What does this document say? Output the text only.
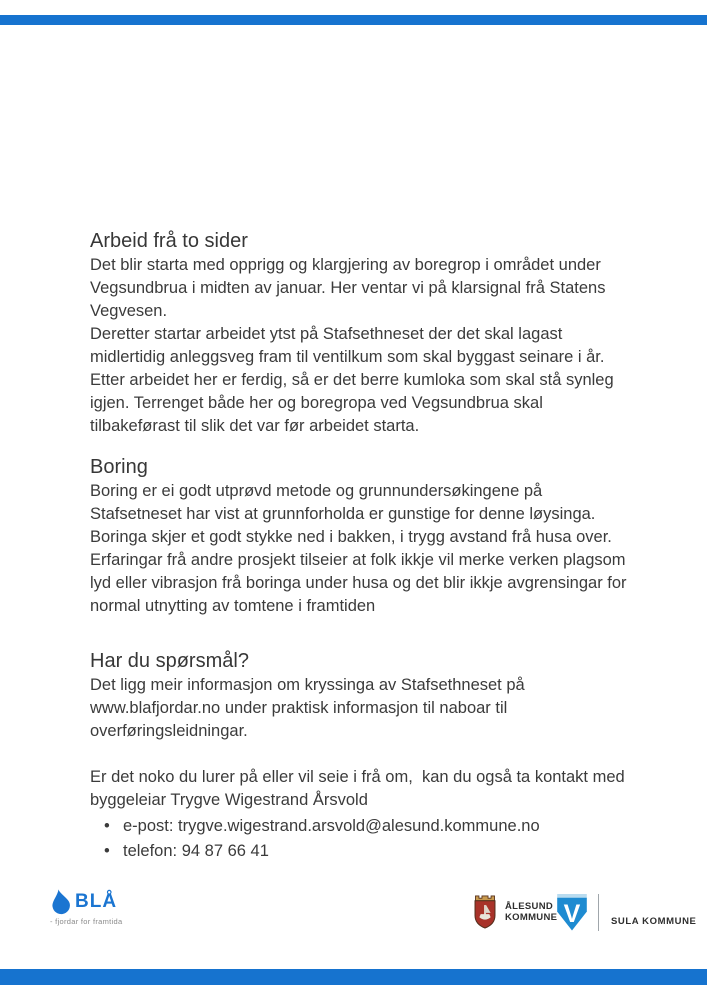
Arbeid frå to sider
Det blir starta med opprigg og klargjering av boregrop i området under
Vegsundbrua i midten av januar. Her ventar vi på klarsignal frå Statens
Vegvesen.
Deretter startar arbeidet ytst på Stafsethneset der det skal lagast
midlertidig anleggsveg fram til ventilkum som skal byggast seinare i år.
Etter arbeidet her er ferdig, så er det berre kumloka som skal stå synleg
igjen. Terrenget både her og boregropa ved Vegsundbrua skal
tilbakeførast til slik det var før arbeidet starta.
Boring
Boring er ei godt utprøvd metode og grunnundersøkingene på
Stafsetneset har vist at grunnforholda er gunstige for denne løysinga.
Boringa skjer et godt stykke ned i bakken, i trygg avstand frå husa over.
Erfaringar frå andre prosjekt tilseier at folk ikkje vil merke verken plagsom
lyd eller vibrasjon frå boringa under husa og det blir ikkje avgrensingar for
normal utnytting av tomtene i framtiden
Har du spørsmål?
Det ligg meir informasjon om kryssinga av Stafsethneset på
www.blafjordar.no under praktisk informasjon til naboar til
overføringsleidningar.
Er det noko du lurer på eller vil seie i frå om,  kan du også ta kontakt med
byggeleiar Trygve Wigestrand Årsvold
• e-post: trygve.wigestrand.arsvold@alesund.kommune.no
• telefon: 94 87 66 41
BLÅ
- fjordar for framtida
ÅLESUND
KOMMUNE V	SULA KOMMUNE
